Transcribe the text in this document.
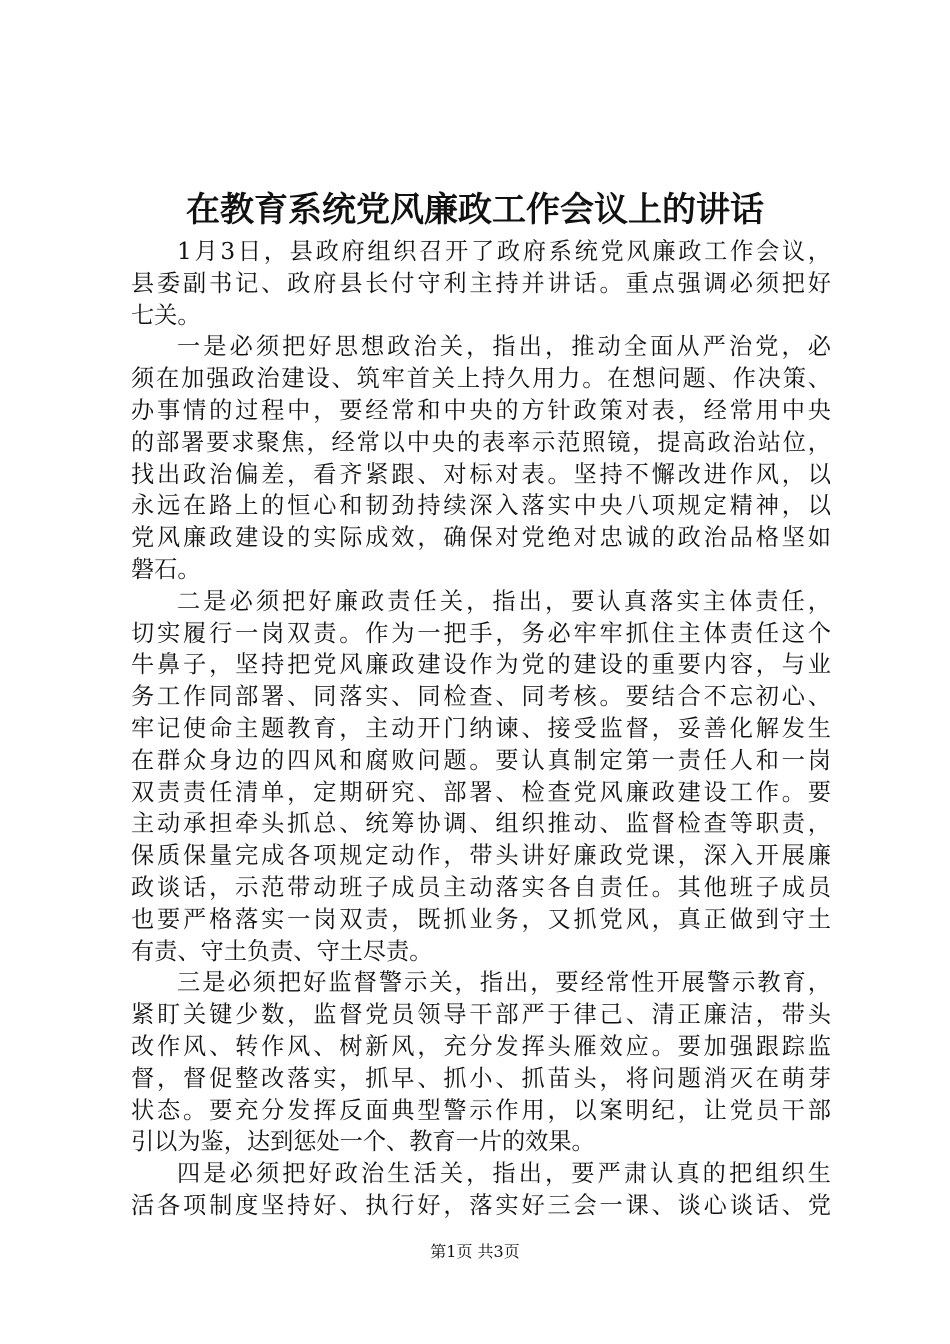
在教育系统党风廉政工作会议上的讲话
1月3日，县政府组织召开了政府系统党风廉政工作会议，
县委副书记、政府县长付守利主持并讲话。重点强调必须把好
七关。
一是必须把好思想政治关，指出，推动全面从严治党，必
须在加强政治建设、筑牢首关上持久用力。在想问题、作决策、
办事情的过程中，要经常和中央的方针政策对表，经常用中央
的部署要求聚焦，经常以中央的表率示范照镜，提高政治站位，
找出政治偏差，看齐紧跟、对标对表。坚持不懈改进作风，以
永远在路上的恒心和韧劲持续深入落实中央八项规定精神，以
党风廉政建设的实际成效，确保对党绝对忠诚的政治品格坚如
磐石。
二是必须把好廉政责任关，指出，要认真落实主体责任，
切实履行一岗双责。作为一把手，务必牢牢抓住主体责任这个
牛鼻子，坚持把党风廉政建设作为党的建设的重要内容，与业
务工作同部署、同落实、同检查、同考核。要结合不忘初心、
牢记使命主题教育，主动开门纳谏、接受监督，妥善化解发生
在群众身边的四风和腐败问题。要认真制定第一责任人和一岗
双责责任清单，定期研究、部署、检查党风廉政建设工作。要
主动承担牵头抓总、统筹协调、组织推动、监督检查等职责，
保质保量完成各项规定动作，带头讲好廉政党课，深入开展廉
政谈话，示范带动班子成员主动落实各自责任。其他班子成员
也要严格落实一岗双责，既抓业务，又抓党风，真正做到守土
有责、守土负责、守土尽责。
三是必须把好监督警示关，指出，要经常性开展警示教育，
紧盯关键少数，监督党员领导干部严于律己、清正廉洁，带头
改作风、转作风、树新风，充分发挥头雁效应。要加强跟踪监
督，督促整改落实，抓早、抓小、抓苗头，将问题消灭在萌芽
状态。要充分发挥反面典型警示作用，以案明纪，让党员干部
引以为鉴，达到惩处一个、教育一片的效果。
四是必须把好政治生活关，指出，要严肃认真的把组织生
活各项制度坚持好、执行好，落实好三会一课、谈心谈话、党
第1页 共3页
